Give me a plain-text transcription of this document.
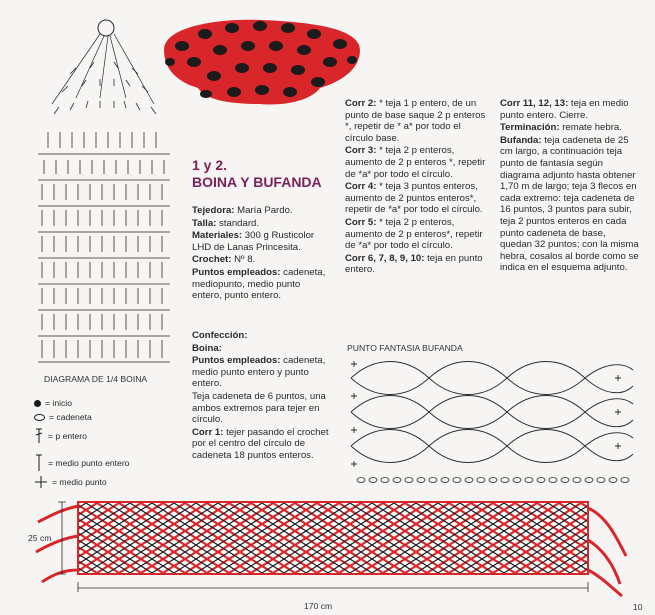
DIAGRAMA DE 1/4 BOINA
= inicio
= cadeneta
= p entero
= medio punto entero
= medio punto
1 y 2.
BOINA Y BUFANDA

Tejedora: María Pardo.

Talla: standard.

Materiales: 300 g Rusticolor LHD de Lanas Princesita.

Crochet: Nº 8.

Puntos empleados: cadeneta, mediopunto, medio punto entero, punto entero.

Confección:

Boina:

Puntos empleados: cadeneta, medio punto entero y punto entero.

Teja cadeneta de 6 puntos, una ambos extremos para tejer en círculo.

Corr 1: tejer pasando el crochet por el centro del círculo de cadeneta 18 puntos enteros.

Corr 2: * teja 1 p entero, de un punto de base saque 2 p enteros *, repetir de * a* por todo el círculo base.

Corr 3: * teja 2 p enteros, aumento de 2 p enteros *, repetir de *a* por todo el círculo.

Corr 4: * teja 3 puntos enteros, aumento de 2 puntos enteros*, repetir de *a* por todo el círculo.

Corr 5: * teja 2 p enteros, aumento de 2 p enteros*, repetir de *a* por todo el círculo.

Corr 6, 7, 8, 9, 10: teja en punto entero.

Corr 11, 12, 13: teja en medio punto entero. Cierre.

Terminación: remate hebra.

Bufanda: teja cadeneta de 25 cm largo, a continuación teja punto de fantasía según diagrama adjunto hasta obtener 1,70 m de largo; teja 3 flecos en cada extremo: teja cadeneta de 16 puntos, 3 puntos para subir, teja 2 puntos enteros en cada punto cadeneta de base, quedan 32 puntos; con la misma hebra, cosalos al borde como se indica en el esquema adjunto.

PUNTO FANTASIA BUFANDA
25 cm
170 cm	10
